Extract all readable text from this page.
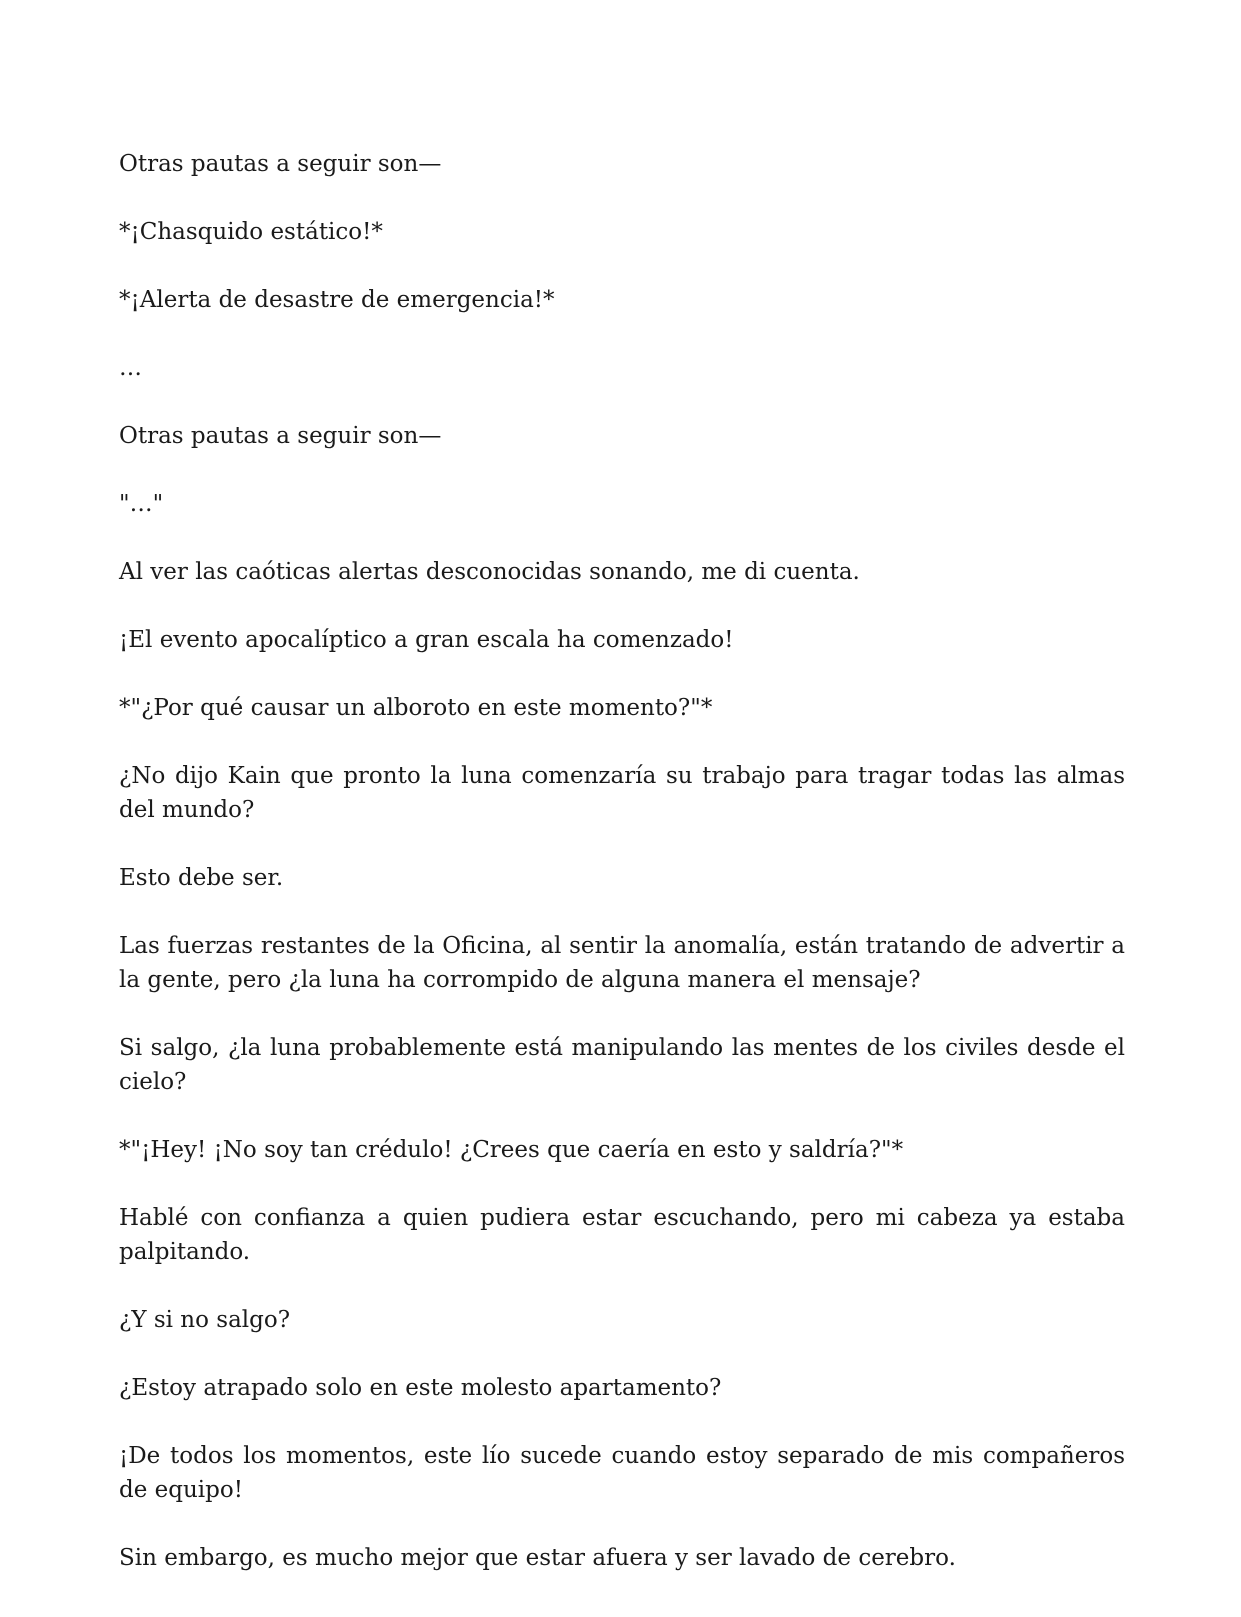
Otras pautas a seguir son—

*¡Chasquido estático!*

*¡Alerta de desastre de emergencia!*

…

Otras pautas a seguir son—

"…"

Al ver las caóticas alertas desconocidas sonando, me di cuenta.

¡El evento apocalíptico a gran escala ha comenzado!

*"¿Por qué causar un alboroto en este momento?"*

¿No dijo Kain que pronto la luna comenzaría su trabajo para tragar todas las almas del mundo?

Esto debe ser.

Las fuerzas restantes de la Oficina, al sentir la anomalía, están tratando de advertir a la gente, pero ¿la luna ha corrompido de alguna manera el mensaje?

Si salgo, ¿la luna probablemente está manipulando las mentes de los civiles desde el cielo?

*"¡Hey! ¡No soy tan crédulo! ¿Crees que caería en esto y saldría?"*

Hablé con confianza a quien pudiera estar escuchando, pero mi cabeza ya estaba palpitando.

¿Y si no salgo?

¿Estoy atrapado solo en este molesto apartamento?

¡De todos los momentos, este lío sucede cuando estoy separado de mis compañeros de equipo!

Sin embargo, es mucho mejor que estar afuera y ser lavado de cerebro.
